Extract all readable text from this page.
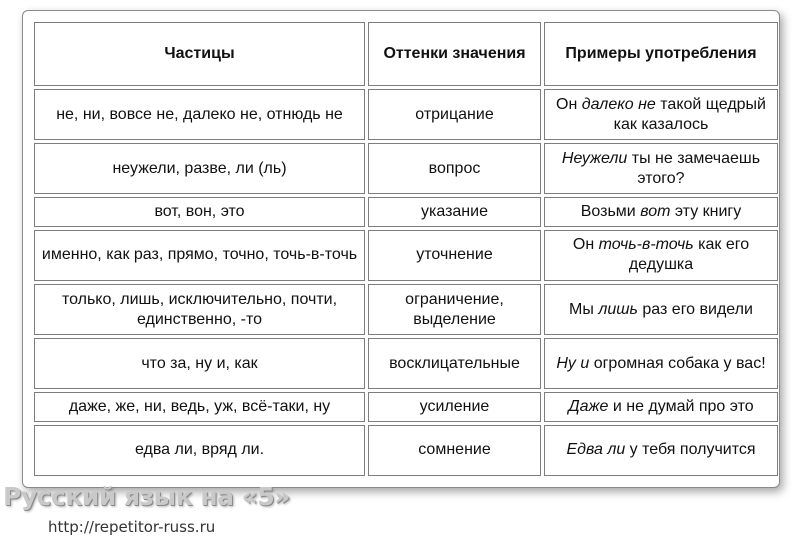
Частицы	Оттенки значения	Примеры употребления
не, ни, вовсе не, далеко не, отнюдь не	отрицание	Он далеко не такой щедрый как казалось
неужели, разве, ли (ль)	вопрос	Неужели ты не замечаешь этого?
вот, вон, это	указание	Возьми вот эту книгу
именно, как раз, прямо, точно, точь-в-точь	уточнение	Он точь-в-точь как его дедушка
только, лишь, исключительно, почти, единственно, -то	ограничение, выделение	Мы лишь раз его видели
что за, ну и, как	восклицательные	Ну и огромная собака у вас!
даже, же, ни, ведь, уж, всё-таки, ну	усиление	Даже и не думай про это
едва ли, вряд ли.	сомнение	Едва ли у тебя получится
Русский язык на «5»
http://repetitor-russ.ru
